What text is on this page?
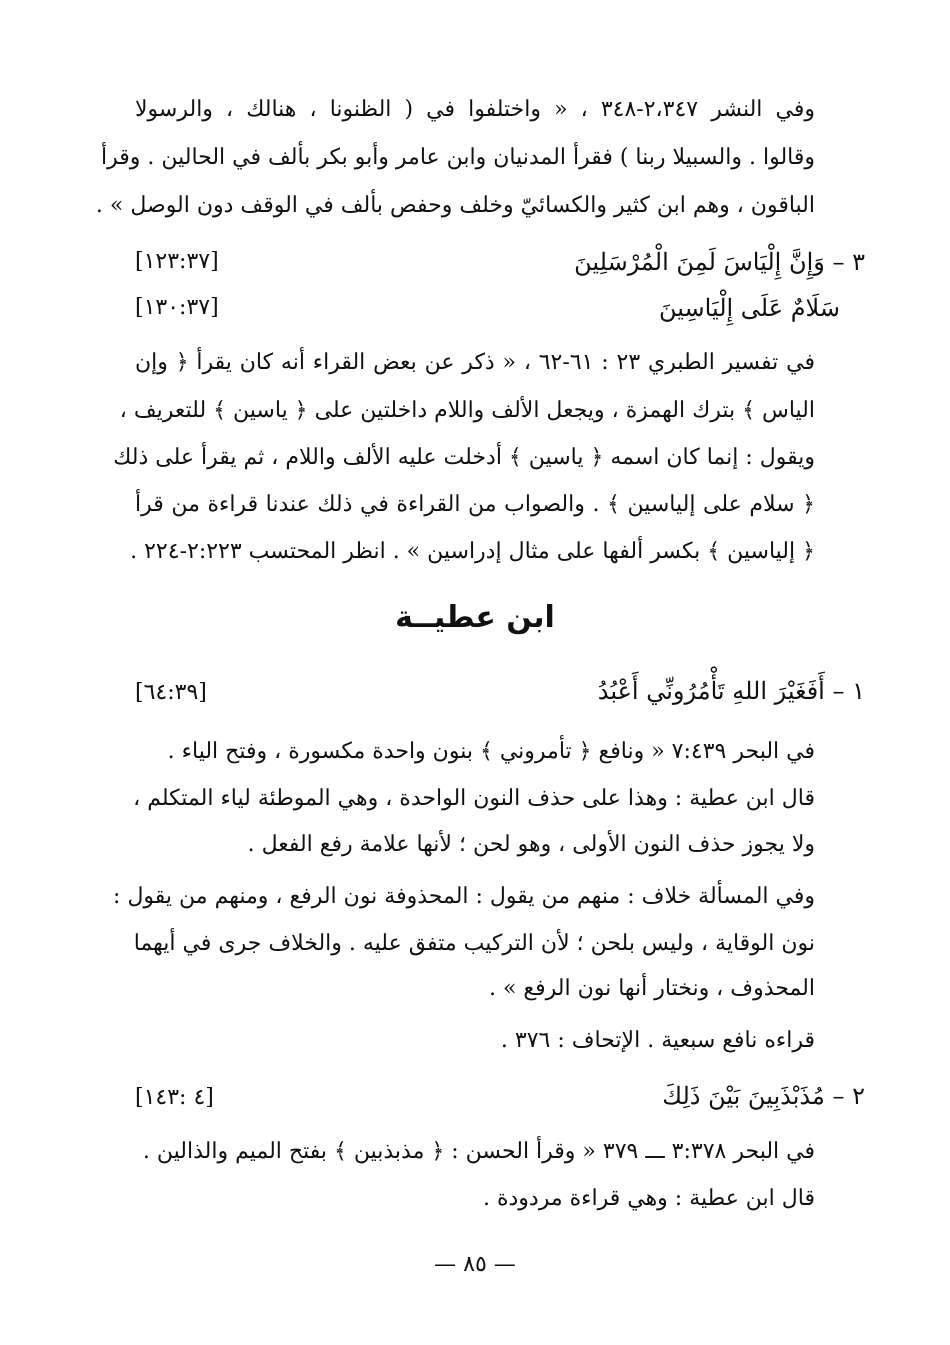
وفي النشر ٢،٣٤٧-٣٤٨ ، « واختلفوا في ( الظنونا ، هنالك ، والرسولا
وقالوا . والسبيلا ربنا ) فقرأ المدنيان وابن عامر وأبو بكر بألف في الحالين . وقرأ
الباقون ، وهم ابن كثير والكسائيّ وخلف وحفص بألف في الوقف دون الوصل » .
٣ – وَإِنَّ إِلْيَاسَ لَمِنَ الْمُرْسَلِينَ
[١٢٣:٣٧]
سَلَامٌ عَلَى إِلْيَاسِينَ
[١٣٠:٣٧]
في تفسير الطبري ٢٣ : ٦١-٦٢ ، « ذكر عن بعض القراء أنه كان يقرأ ﴿ وإن
الياس ﴾ بترك الهمزة ، ويجعل الألف واللام داخلتين على ﴿ ياسين ﴾ للتعريف ،
ويقول : إنما كان اسمه ﴿ ياسين ﴾ أدخلت عليه الألف واللام ، ثم يقرأ على ذلك
﴿ سلام على إلياسين ﴾ . والصواب من القراءة في ذلك عندنا قراءة من قرأ
﴿ إلياسين ﴾ بكسر ألفها على مثال إدراسين » . انظر المحتسب ٢:٢٢٣-٢٢٤ .
ابن عطيــة
١ – أَفَغَيْرَ اللهِ تَأْمُرُونِّي أَعْبُدُ
[٦٤:٣٩]
في البحر ٧:٤٣٩ « ونافع ﴿ تأمروني ﴾ بنون واحدة مكسورة ، وفتح الياء .
قال ابن عطية : وهذا على حذف النون الواحدة ، وهي الموطئة لياء المتكلم ،
ولا يجوز حذف النون الأولى ، وهو لحن ؛ لأنها علامة رفع الفعل .
وفي المسألة خلاف : منهم من يقول : المحذوفة نون الرفع ، ومنهم من يقول :
نون الوقاية ، وليس بلحن ؛ لأن التركيب متفق عليه . والخلاف جرى في أيهما
المحذوف ، ونختار أنها نون الرفع » .
قراءه نافع سبعية . الإتحاف : ٣٧٦ .
٢ – مُذَبْذَبِينَ بَيْنَ ذَلِكَ
[٤ :١٤٣]
في البحر ٣:٣٧٨ ـــ ٣٧٩ « وقرأ الحسن : ﴿ مذبذبين ﴾ بفتح الميم والذالين .
قال ابن عطية : وهي قراءة مردودة .
— ٨٥ —
